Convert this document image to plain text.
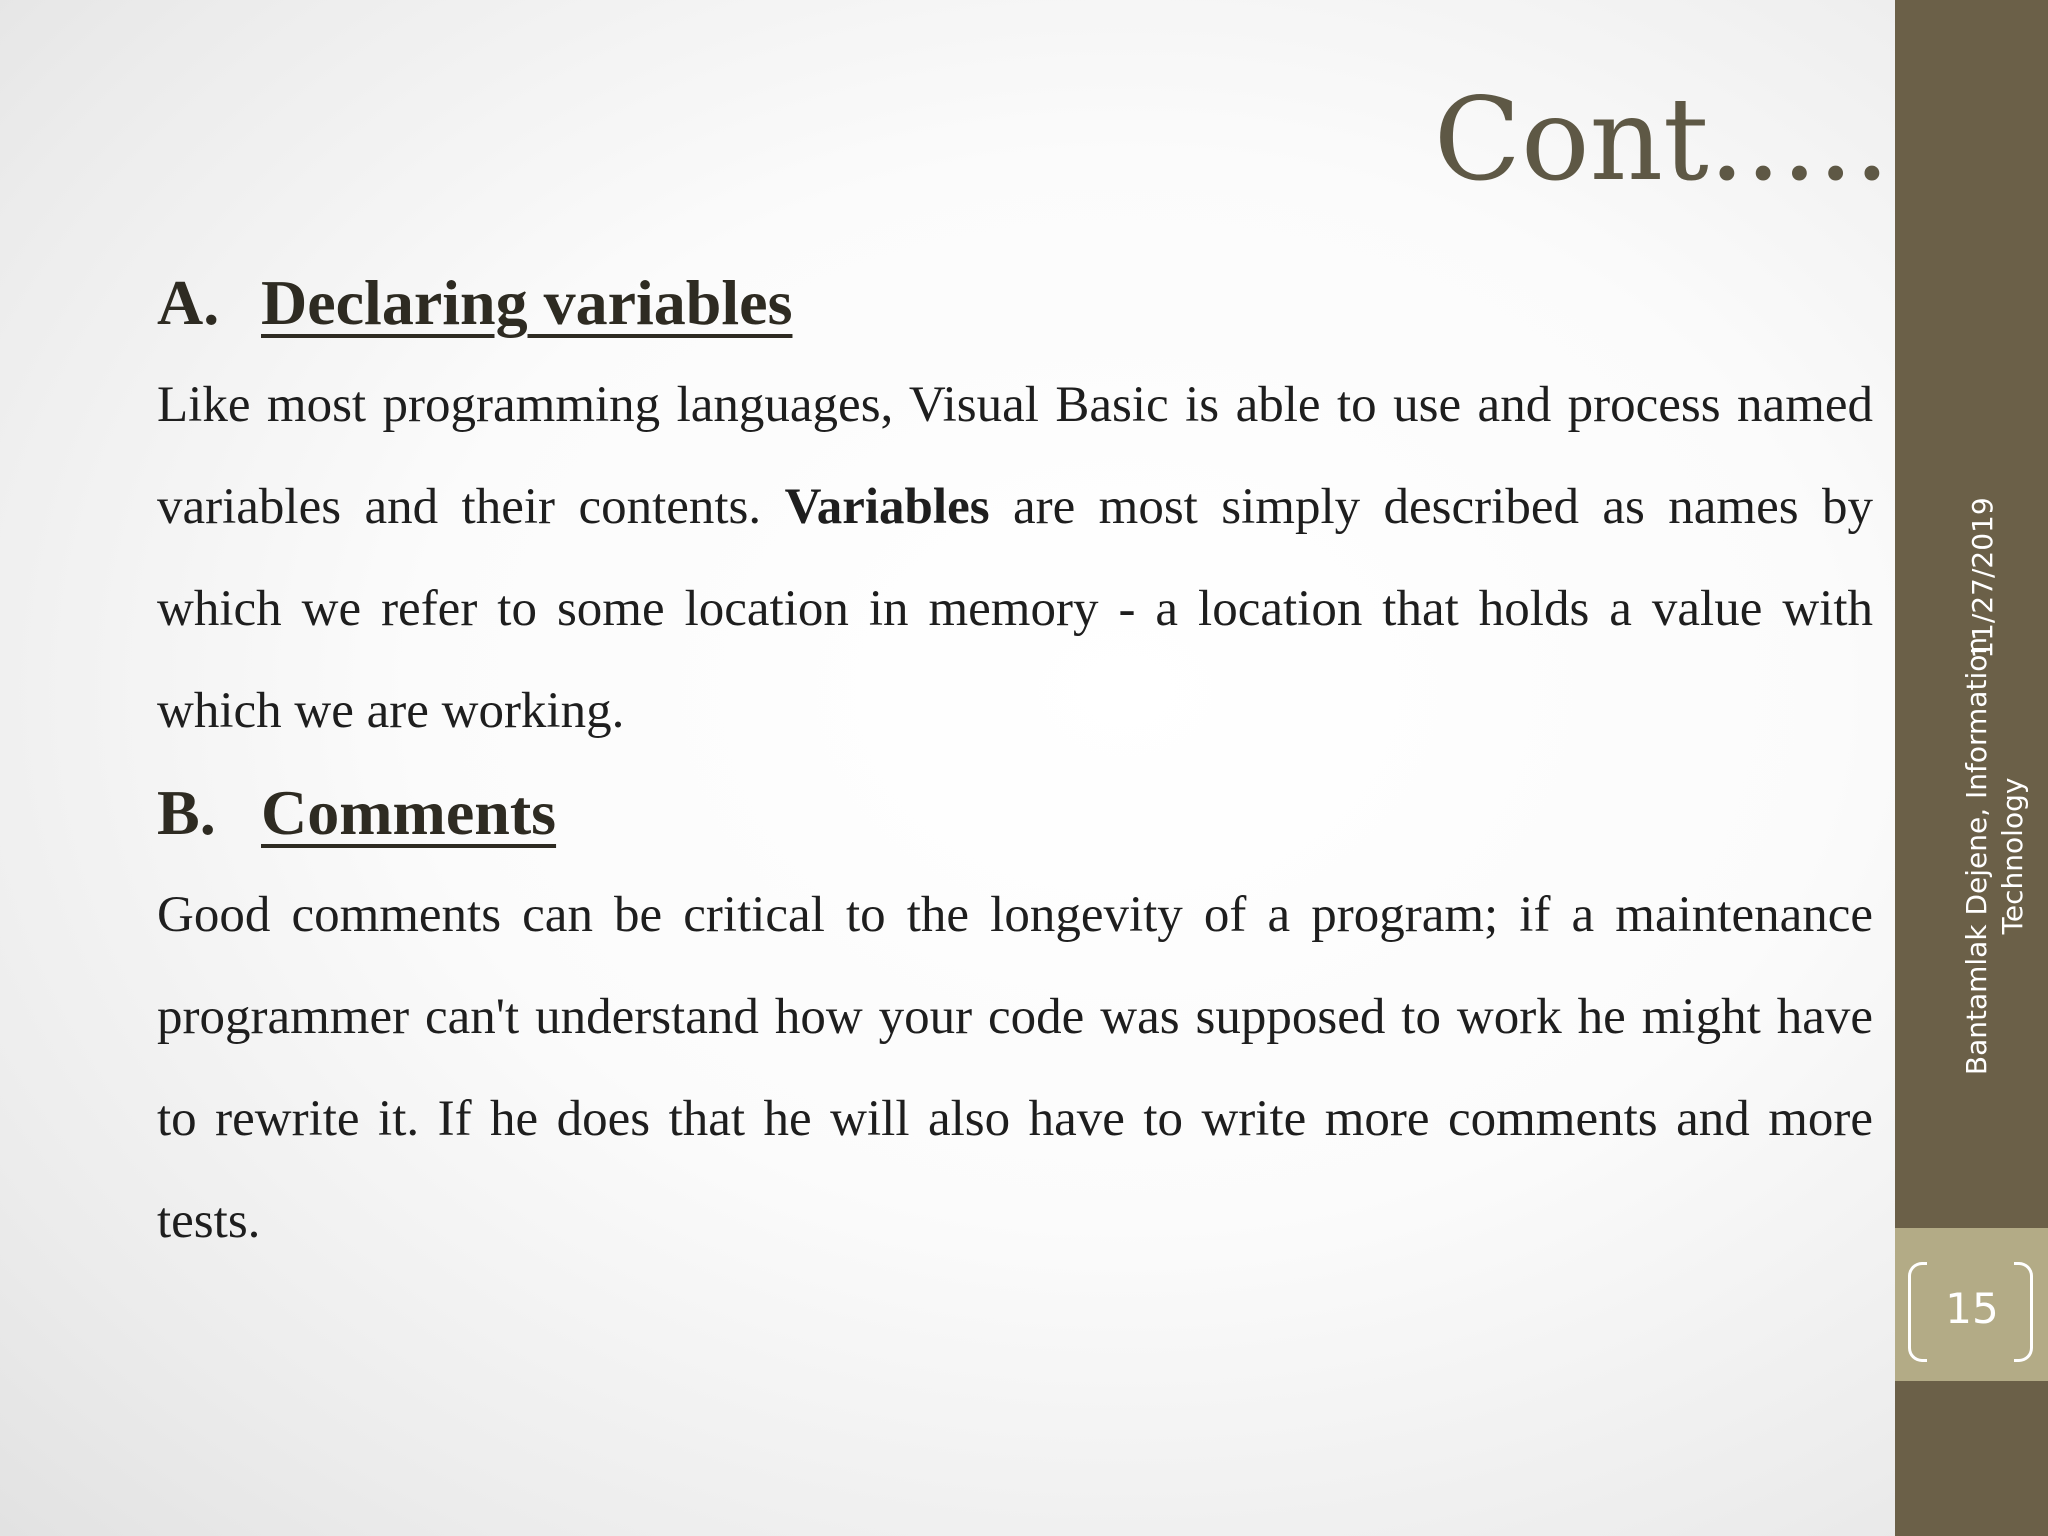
Cont.....
A. Declaring variables

Like most programming languages, Visual Basic is able to use and process named variables and their contents. Variables are most simply described as names by which we refer to some location in memory - a location that holds a value with which we are working.

B. Comments

Good comments can be critical to the longevity of a program; if a maintenance programmer can't understand how your code was supposed to work he might have to rewrite it. If he does that he will also have to write more comments and more tests.

11/27/2019
Bantamlak Dejene, Information Technology
15
